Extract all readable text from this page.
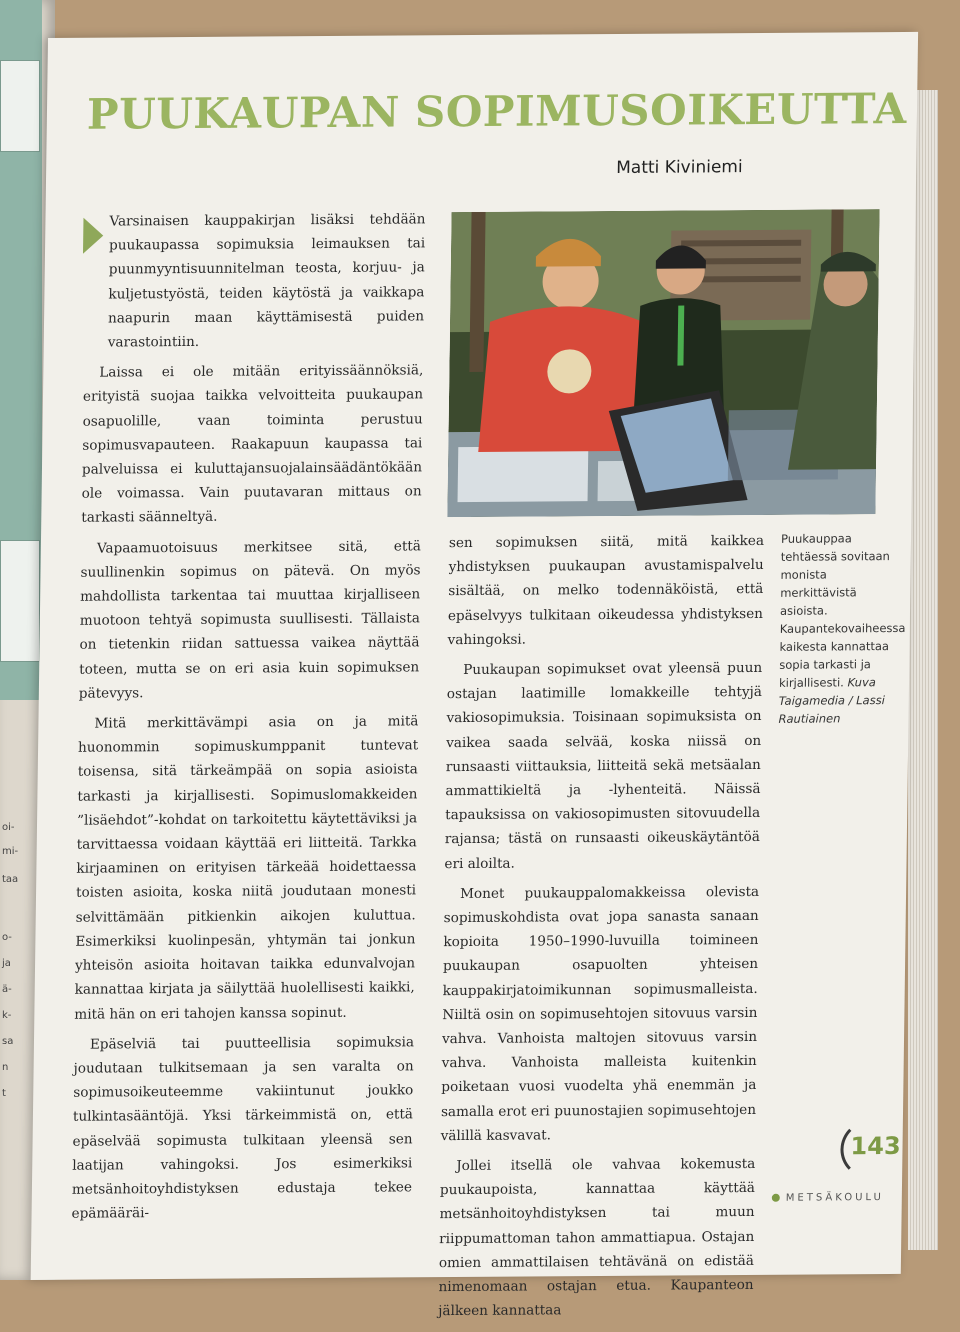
oi-
mi-
taa
o-
ja
ä-
k-
sa
n
t
PUUKAUPAN SOPIMUSOIKEUTTA
Matti Kiviniemi

Varsinaisen kauppakirjan lisäksi tehdään puukaupassa sopimuksia leimauksen tai puunmyyntisuunnitelman teosta, korjuu- ja kuljetustyöstä, teiden käytöstä ja vaikkapa naapurin maan käyttämisestä puiden varastointiin.

Laissa ei ole mitään erityissäännöksiä, erityistä suojaa taikka velvoitteita puukaupan osapuolille, vaan toiminta perustuu sopimusvapauteen. Raakapuun kaupassa tai palveluissa ei kuluttajansuojalainsäädäntökään ole voimassa. Vain puutavaran mittaus on tarkasti säänneltyä.

Vapaamuotoisuus merkitsee sitä, että suullinenkin sopimus on pätevä. On myös mahdollista tarkentaa tai muuttaa kirjalliseen muotoon tehtyä sopimusta suullisesti. Tällaista on tietenkin riidan sattuessa vaikea näyttää toteen, mutta se on eri asia kuin sopimuksen pätevyys.

Mitä merkittävämpi asia on ja mitä huonommin sopimuskumppanit tuntevat toisensa, sitä tärkeämpää on sopia asioista tarkasti ja kirjallisesti. Sopimuslomakkeiden ”lisäehdot”-kohdat on tarkoitettu käytettäviksi ja tarvittaessa voidaan käyttää eri liitteitä. Tarkka kirjaaminen on erityisen tärkeää hoidettaessa toisten asioita, koska niitä joudutaan monesti selvittämään pitkienkin aikojen kuluttua. Esimerkiksi kuolinpesän, yhtymän tai jonkun yhteisön asioita hoitavan taikka edunvalvojan kannattaa kirjata ja säilyttää huolellisesti kaikki, mitä hän on eri tahojen kanssa sopinut.

Epäselviä tai puutteellisia sopimuksia joudutaan tulkitsemaan ja sen varalta on sopimusoikeuteemme vakiintunut joukko tulkintasääntöjä. Yksi tärkeimmistä on, että epäselvää sopimusta tulkitaan yleensä sen laatijan vahingoksi. Jos esimerkiksi metsänhoitoyhdistyksen edustaja tekee epämääräi-

sen sopimuksen siitä, mitä kaikkea yhdistyksen puukaupan avustamispalvelu sisältää, on melko todennäköistä, että epäselvyys tulkitaan oikeudessa yhdistyksen vahingoksi.

Puukaupan sopimukset ovat yleensä puun ostajan laatimille lomakkeille tehtyjä vakiosopimuksia. Toisinaan sopimuksista on vaikea saada selvää, koska niissä on runsaasti viittauksia, liitteitä sekä metsäalan ammattikieltä ja -lyhenteitä. Näissä tapauksissa on vakiosopimusten sitovuudella rajansa; tästä on runsaasti oikeuskäytäntöä eri aloilta.

Monet puukauppalomakkeissa olevista sopimuskohdista ovat jopa sanasta sanaan kopioita 1950–1990-luvuilla toimineen puukaupan osapuolten yhteisen kauppakirjatoimikunnan sopimusmalleista. Niiltä osin on sopimusehtojen sitovuus varsin vahva. Vanhoista maltojen sitovuus varsin vahva. Vanhoista malleista kuitenkin poiketaan vuosi vuodelta yhä enemmän ja samalla erot eri puunostajien sopimusehtojen välillä kasvavat.

Jollei itsellä ole vahvaa kokemusta puukaupoista, kannattaa käyttää metsänhoitoyhdistyksen tai muun riippumattoman tahon ammattiapua. Ostajan omien ammattilaisen tehtävänä on edistää nimenomaan ostajan etua. Kaupanteon jälkeen kannattaa

Puukauppaa tehtäessä sovitaan monista merkittävistä asioista. Kaupantekovaiheessa kaikesta kannattaa sopia tarkasti ja kirjallisesti. Kuva Taigamedia / Lassi Rautiainen
143
METSÄKOULU
